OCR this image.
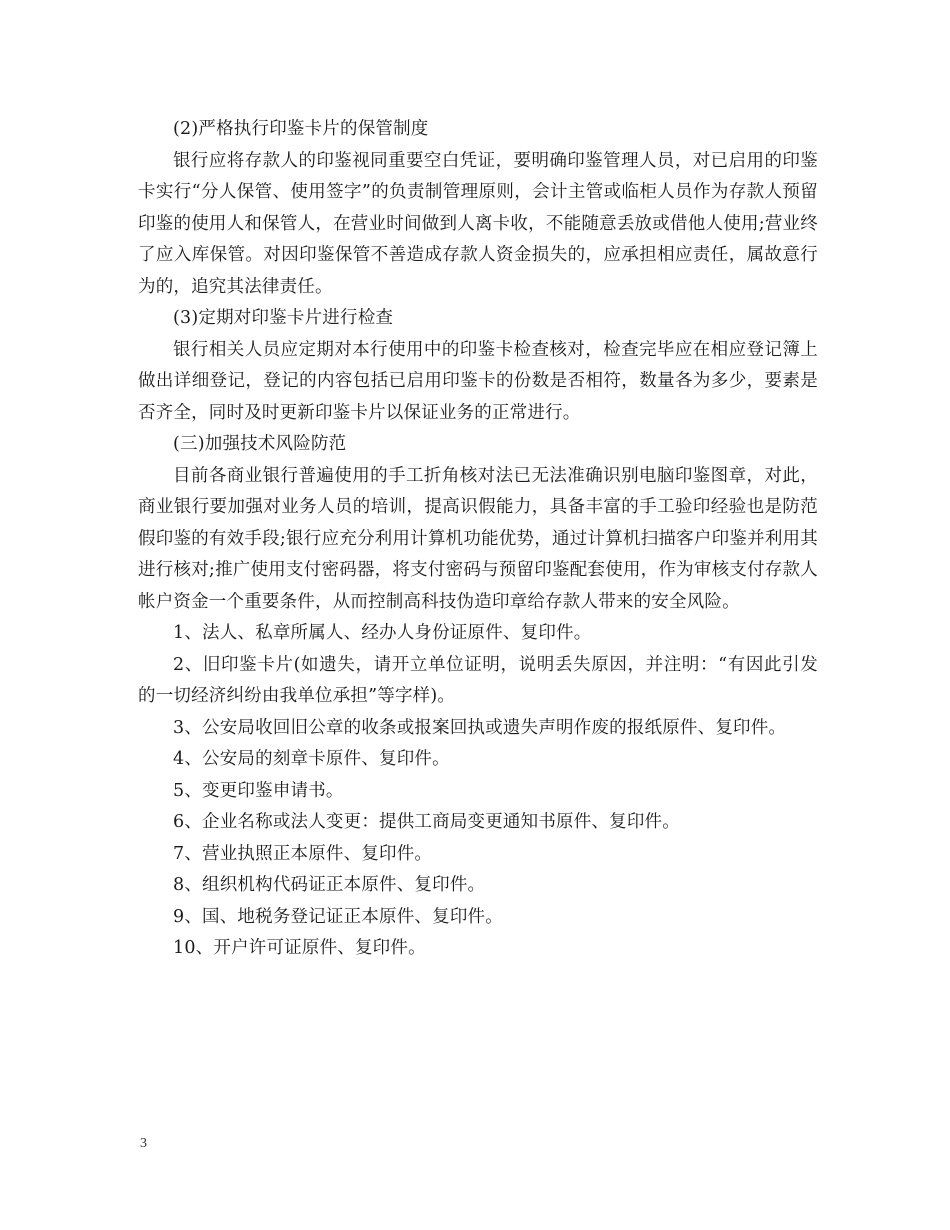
(2)严格执行印鉴卡片的保管制度

银行应将存款人的印鉴视同重要空白凭证，要明确印鉴管理人员，对已启用的印鉴卡实行“分人保管、使用签字”的负责制管理原则，会计主管或临柜人员作为存款人预留印鉴的使用人和保管人，在营业时间做到人离卡收，不能随意丢放或借他人使用;营业终了应入库保管。对因印鉴保管不善造成存款人资金损失的，应承担相应责任，属故意行为的，追究其法律责任。

(3)定期对印鉴卡片进行检查

银行相关人员应定期对本行使用中的印鉴卡检查核对，检查完毕应在相应登记簿上做出详细登记，登记的内容包括已启用印鉴卡的份数是否相符，数量各为多少，要素是否齐全，同时及时更新印鉴卡片以保证业务的正常进行。

(三)加强技术风险防范

目前各商业银行普遍使用的手工折角核对法已无法准确识别电脑印鉴图章，对此，商业银行要加强对业务人员的培训，提高识假能力，具备丰富的手工验印经验也是防范假印鉴的有效手段;银行应充分利用计算机功能优势，通过计算机扫描客户印鉴并利用其进行核对;推广使用支付密码器，将支付密码与预留印鉴配套使用，作为审核支付存款人帐户资金一个重要条件，从而控制高科技伪造印章给存款人带来的安全风险。

1、法人、私章所属人、经办人身份证原件、复印件。

2、旧印鉴卡片(如遗失，请开立单位证明，说明丢失原因，并注明：“有因此引发的一切经济纠纷由我单位承担”等字样)。

3、公安局收回旧公章的收条或报案回执或遗失声明作废的报纸原件、复印件。

4、公安局的刻章卡原件、复印件。

5、变更印鉴申请书。

6、企业名称或法人变更：提供工商局变更通知书原件、复印件。

7、营业执照正本原件、复印件。

8、组织机构代码证正本原件、复印件。

9、国、地税务登记证正本原件、复印件。

10、开户许可证原件、复印件。

3
